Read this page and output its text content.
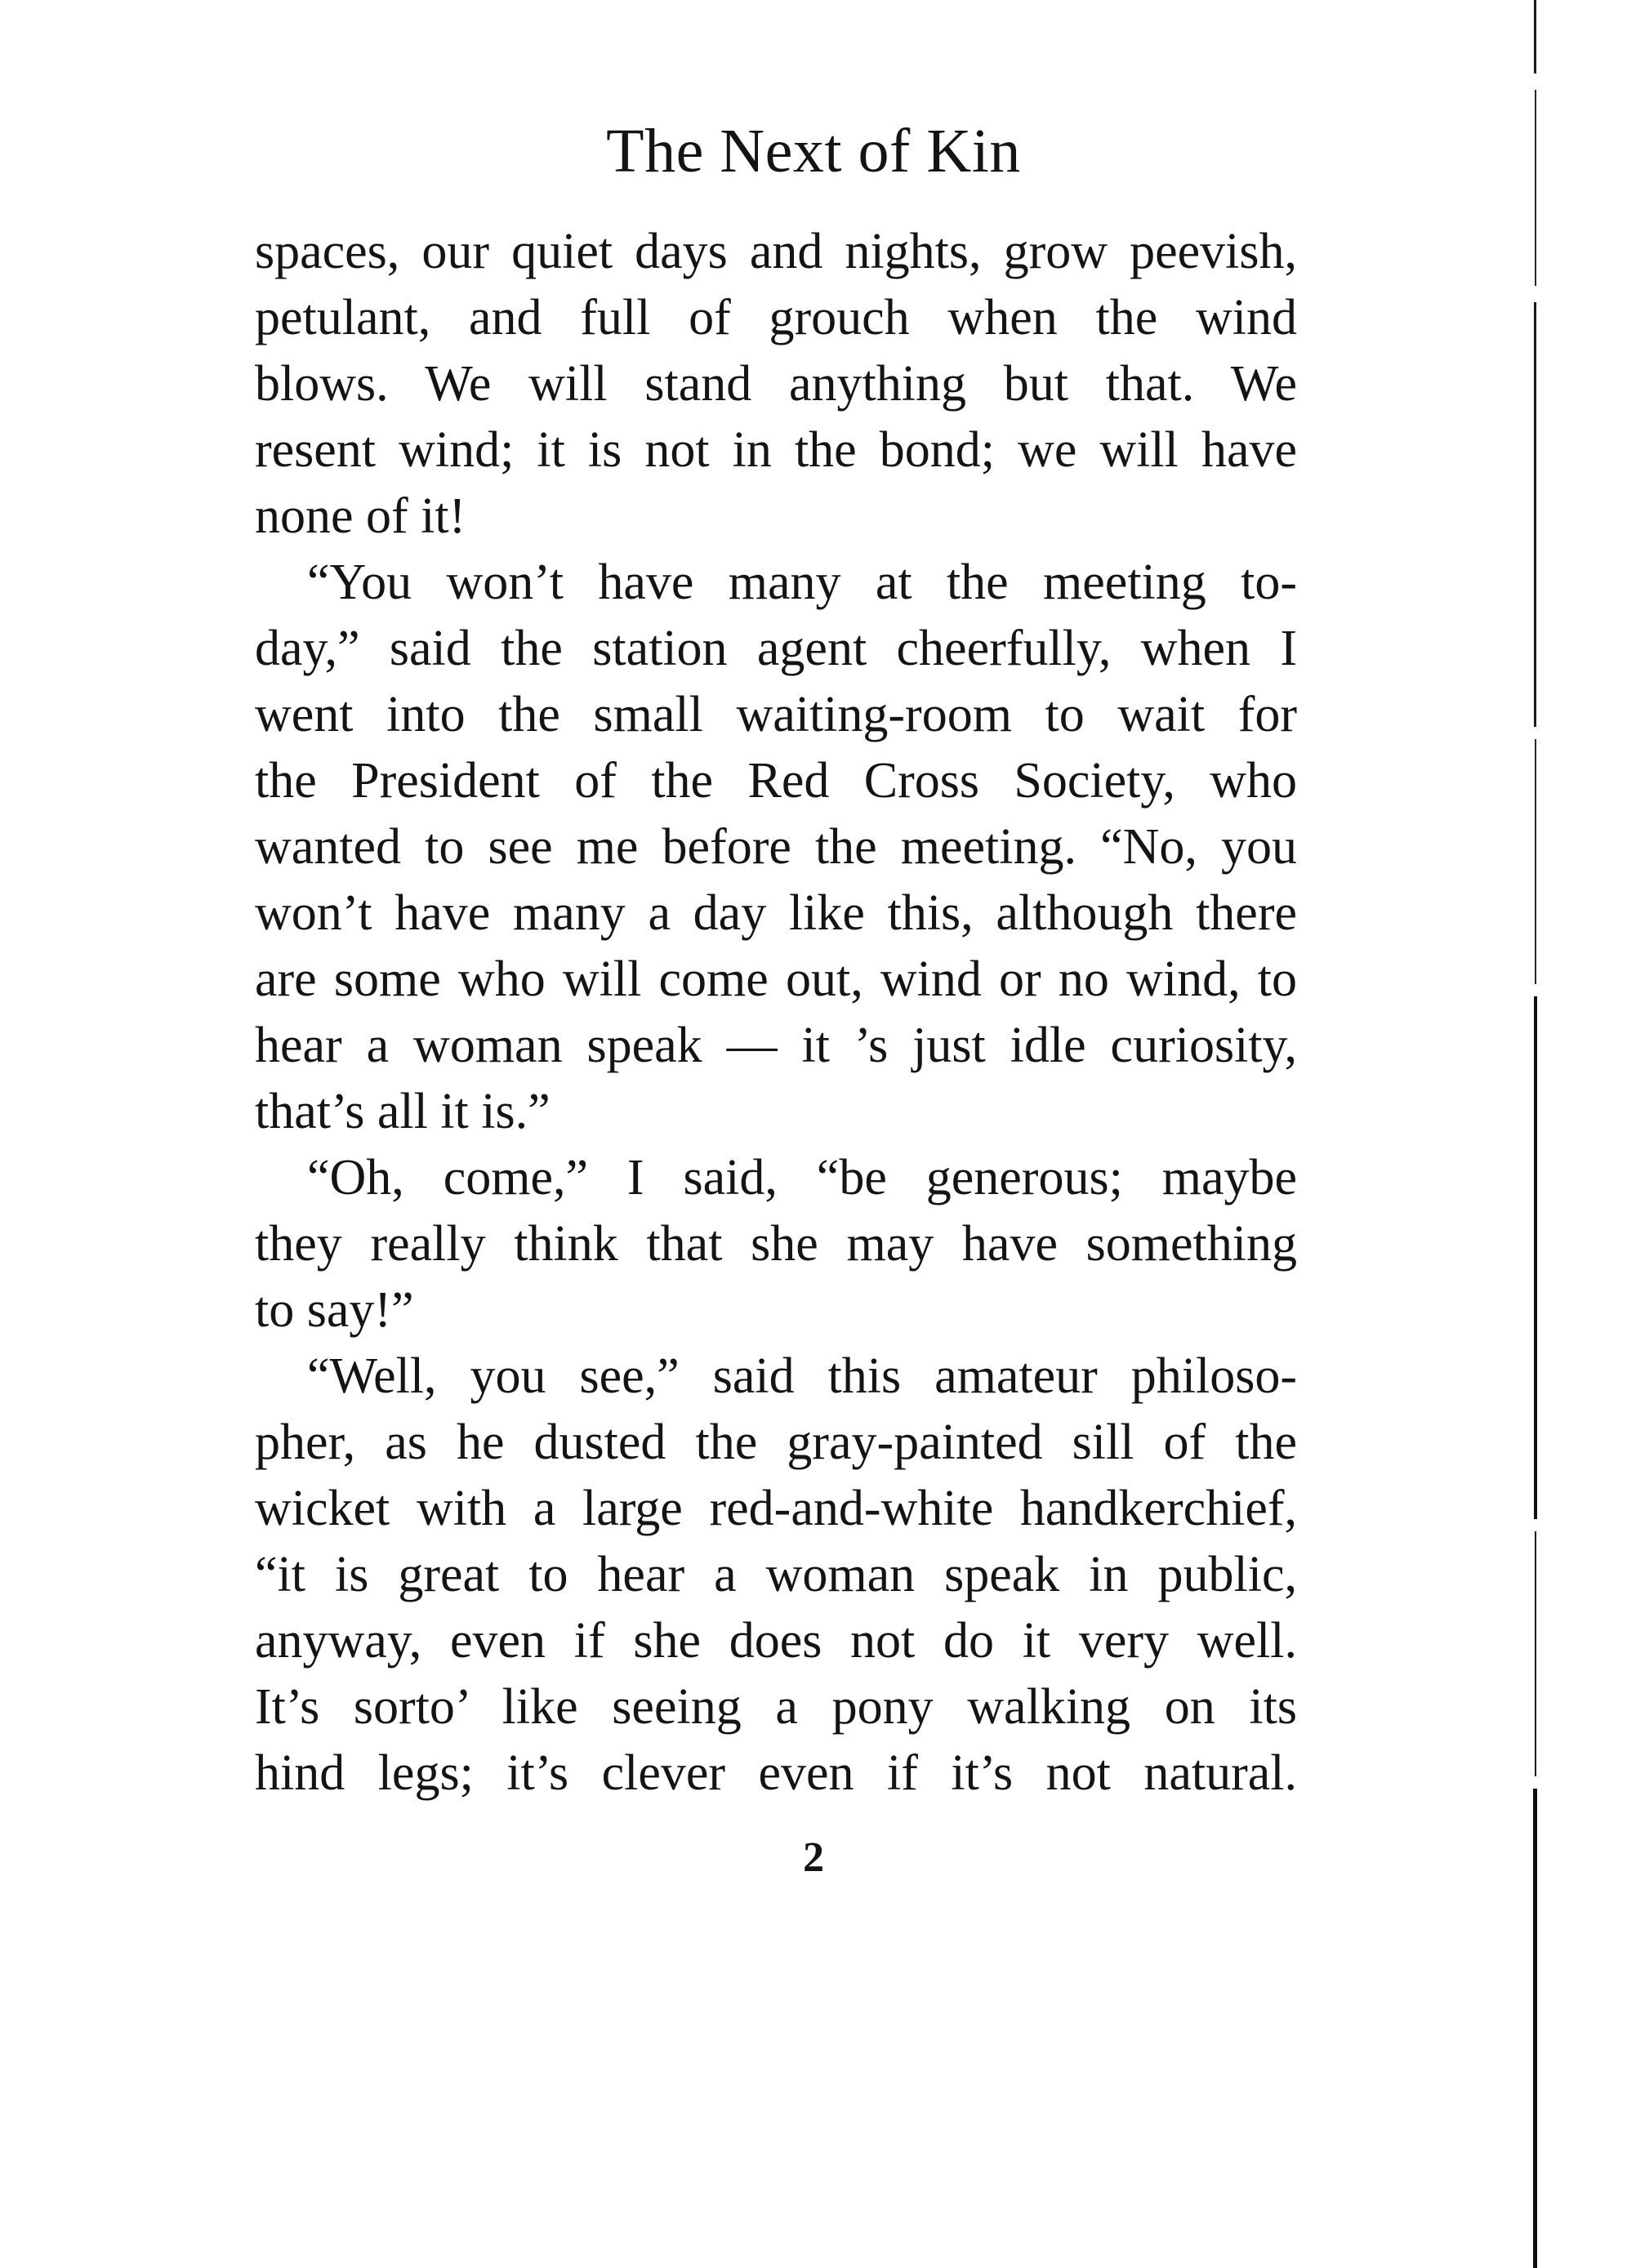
The Next of Kin
spaces, our quiet days and nights, grow peevish,
petulant, and full of grouch when the wind
blows. We will stand anything but that. We
resent wind; it is not in the bond; we will have
none of it!
“You won’t have many at the meeting to-
day,” said the station agent cheerfully, when I
went into the small waiting-room to wait for
the President of the Red Cross Society, who
wanted to see me before the meeting. “No, you
won’t have many a day like this, although there
are some who will come out, wind or no wind, to
hear a woman speak — it ’s just idle curiosity,
that’s all it is.”
“Oh, come,” I said, “be generous; maybe
they really think that she may have something
to say!”
“Well, you see,” said this amateur philoso-
pher, as he dusted the gray-painted sill of the
wicket with a large red-and-white handkerchief,
“it is great to hear a woman speak in public,
anyway, even if she does not do it very well.
It’s sorto’ like seeing a pony walking on its
hind legs; it’s clever even if it’s not natural.
2
